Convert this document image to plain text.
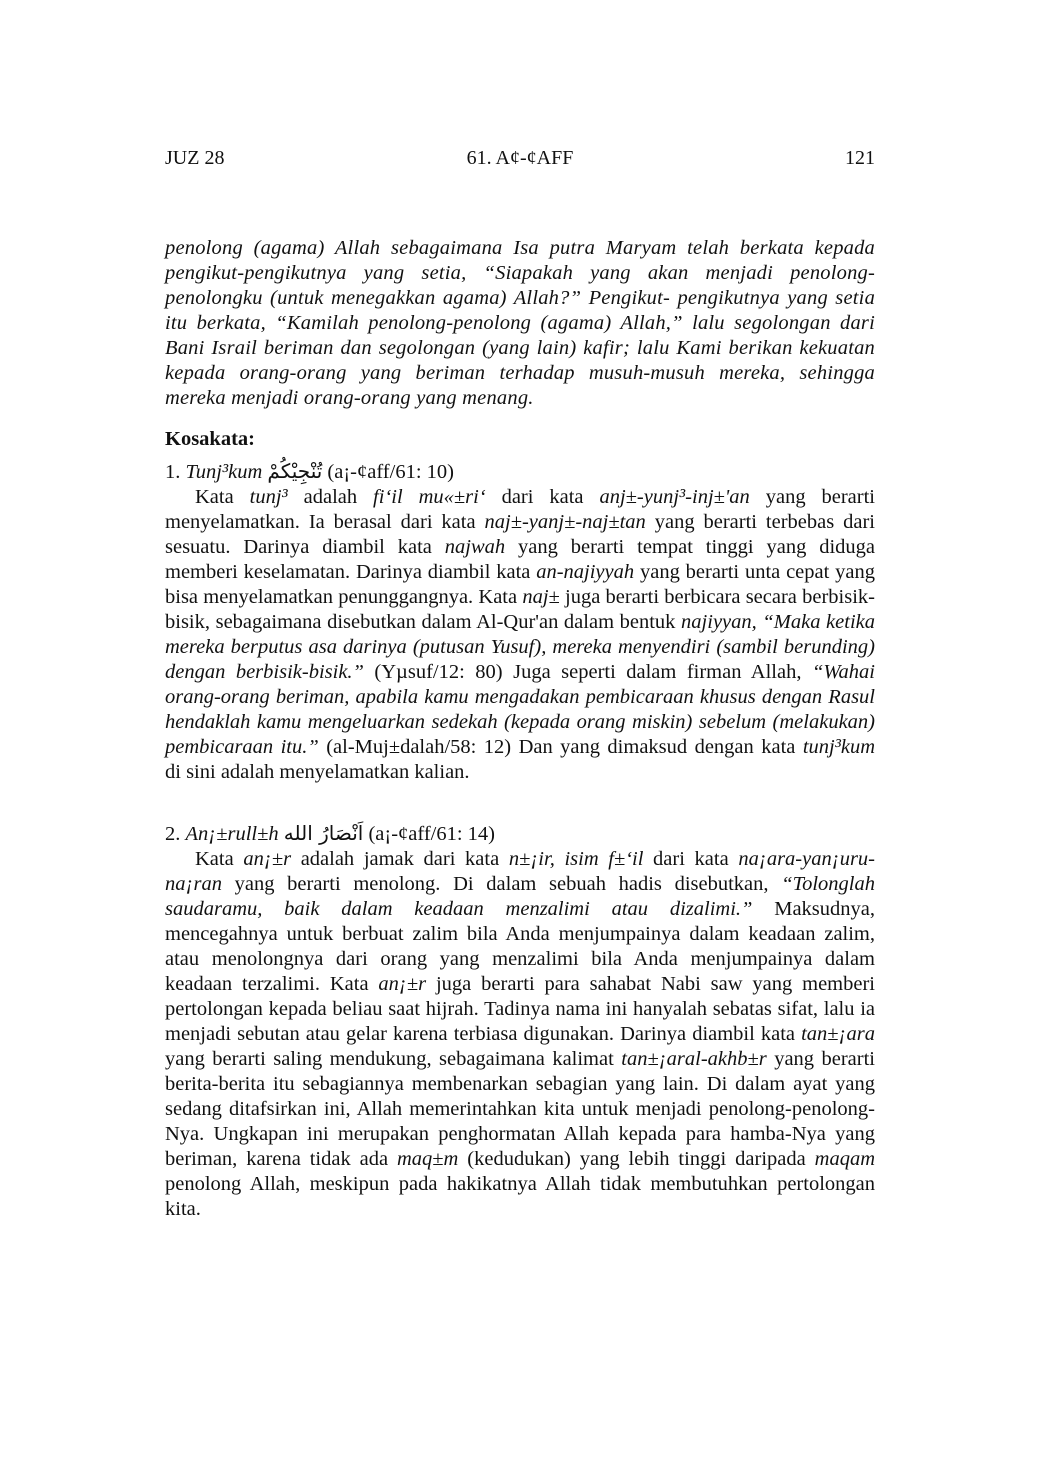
JUZ 28	61. A¢-¢AFF	121

penolong (agama) Allah sebagaimana Isa putra Maryam telah berkata kepada pengikut-pengikutnya yang setia, “Siapakah yang akan menjadi penolong-penolongku (untuk menegakkan agama) Allah?” Pengikut- pengikutnya yang setia itu berkata, “Kamilah penolong-penolong (agama) Allah,” lalu segolongan dari Bani Israil beriman dan segolongan (yang lain) kafir; lalu Kami berikan kekuatan kepada orang-orang yang beriman terhadap musuh-musuh mereka, sehingga mereka menjadi orang-orang yang menang.

Kosakata:
1. Tunj³kum تُنْجِيْكُمْ (a¡-¢aff/61: 10)

Kata tunj³ adalah fi‘il mu«±ri‘ dari kata anj±-yunj³-inj±'an yang berarti menyelamatkan. Ia berasal dari kata naj±-yanj±-naj±tan yang berarti terbebas dari sesuatu. Darinya diambil kata najwah yang berarti tempat tinggi yang diduga memberi keselamatan. Darinya diambil kata an-najiyyah yang berarti unta cepat yang bisa menyelamatkan penunggangnya. Kata naj± juga berarti berbicara secara berbisik-bisik, sebagaimana disebutkan dalam Al-Qur'an dalam bentuk najiyyan, “Maka ketika mereka berputus asa darinya (putusan Yusuf), mereka menyendiri (sambil berunding) dengan berbisik-bisik.” (Yµsuf/12: 80) Juga seperti dalam firman Allah, “Wahai orang-orang beriman, apabila kamu mengadakan pembicaraan khusus dengan Rasul hendaklah kamu mengeluarkan sedekah (kepada orang miskin) sebelum (melakukan) pembicaraan itu.” (al-Muj±dalah/58: 12) Dan yang dimaksud dengan kata tunj³kum di sini adalah menyelamatkan kalian.

2. An¡±rull±h اَنْصَارُ الله (a¡-¢aff/61: 14)

Kata an¡±r adalah jamak dari kata n±¡ir, isim f±‘il dari kata na¡ara-yan¡uru-na¡ran yang berarti menolong. Di dalam sebuah hadis disebutkan, “Tolonglah saudaramu, baik dalam keadaan menzalimi atau dizalimi.” Maksudnya, mencegahnya untuk berbuat zalim bila Anda menjumpainya dalam keadaan zalim, atau menolongnya dari orang yang menzalimi bila Anda menjumpainya dalam keadaan terzalimi. Kata an¡±r juga berarti para sahabat Nabi saw yang memberi pertolongan kepada beliau saat hijrah. Tadinya nama ini hanyalah sebatas sifat, lalu ia menjadi sebutan atau gelar karena terbiasa digunakan. Darinya diambil kata tan±¡ara yang berarti saling mendukung, sebagaimana kalimat tan±¡aral-akhb±r yang berarti berita-berita itu sebagiannya membenarkan sebagian yang lain. Di dalam ayat yang sedang ditafsirkan ini, Allah memerintahkan kita untuk menjadi penolong-penolong-Nya. Ungkapan ini merupakan penghormatan Allah kepada para hamba-Nya yang beriman, karena tidak ada maq±m (kedudukan) yang lebih tinggi daripada maqam penolong Allah, meskipun pada hakikatnya Allah tidak membutuhkan pertolongan kita.
